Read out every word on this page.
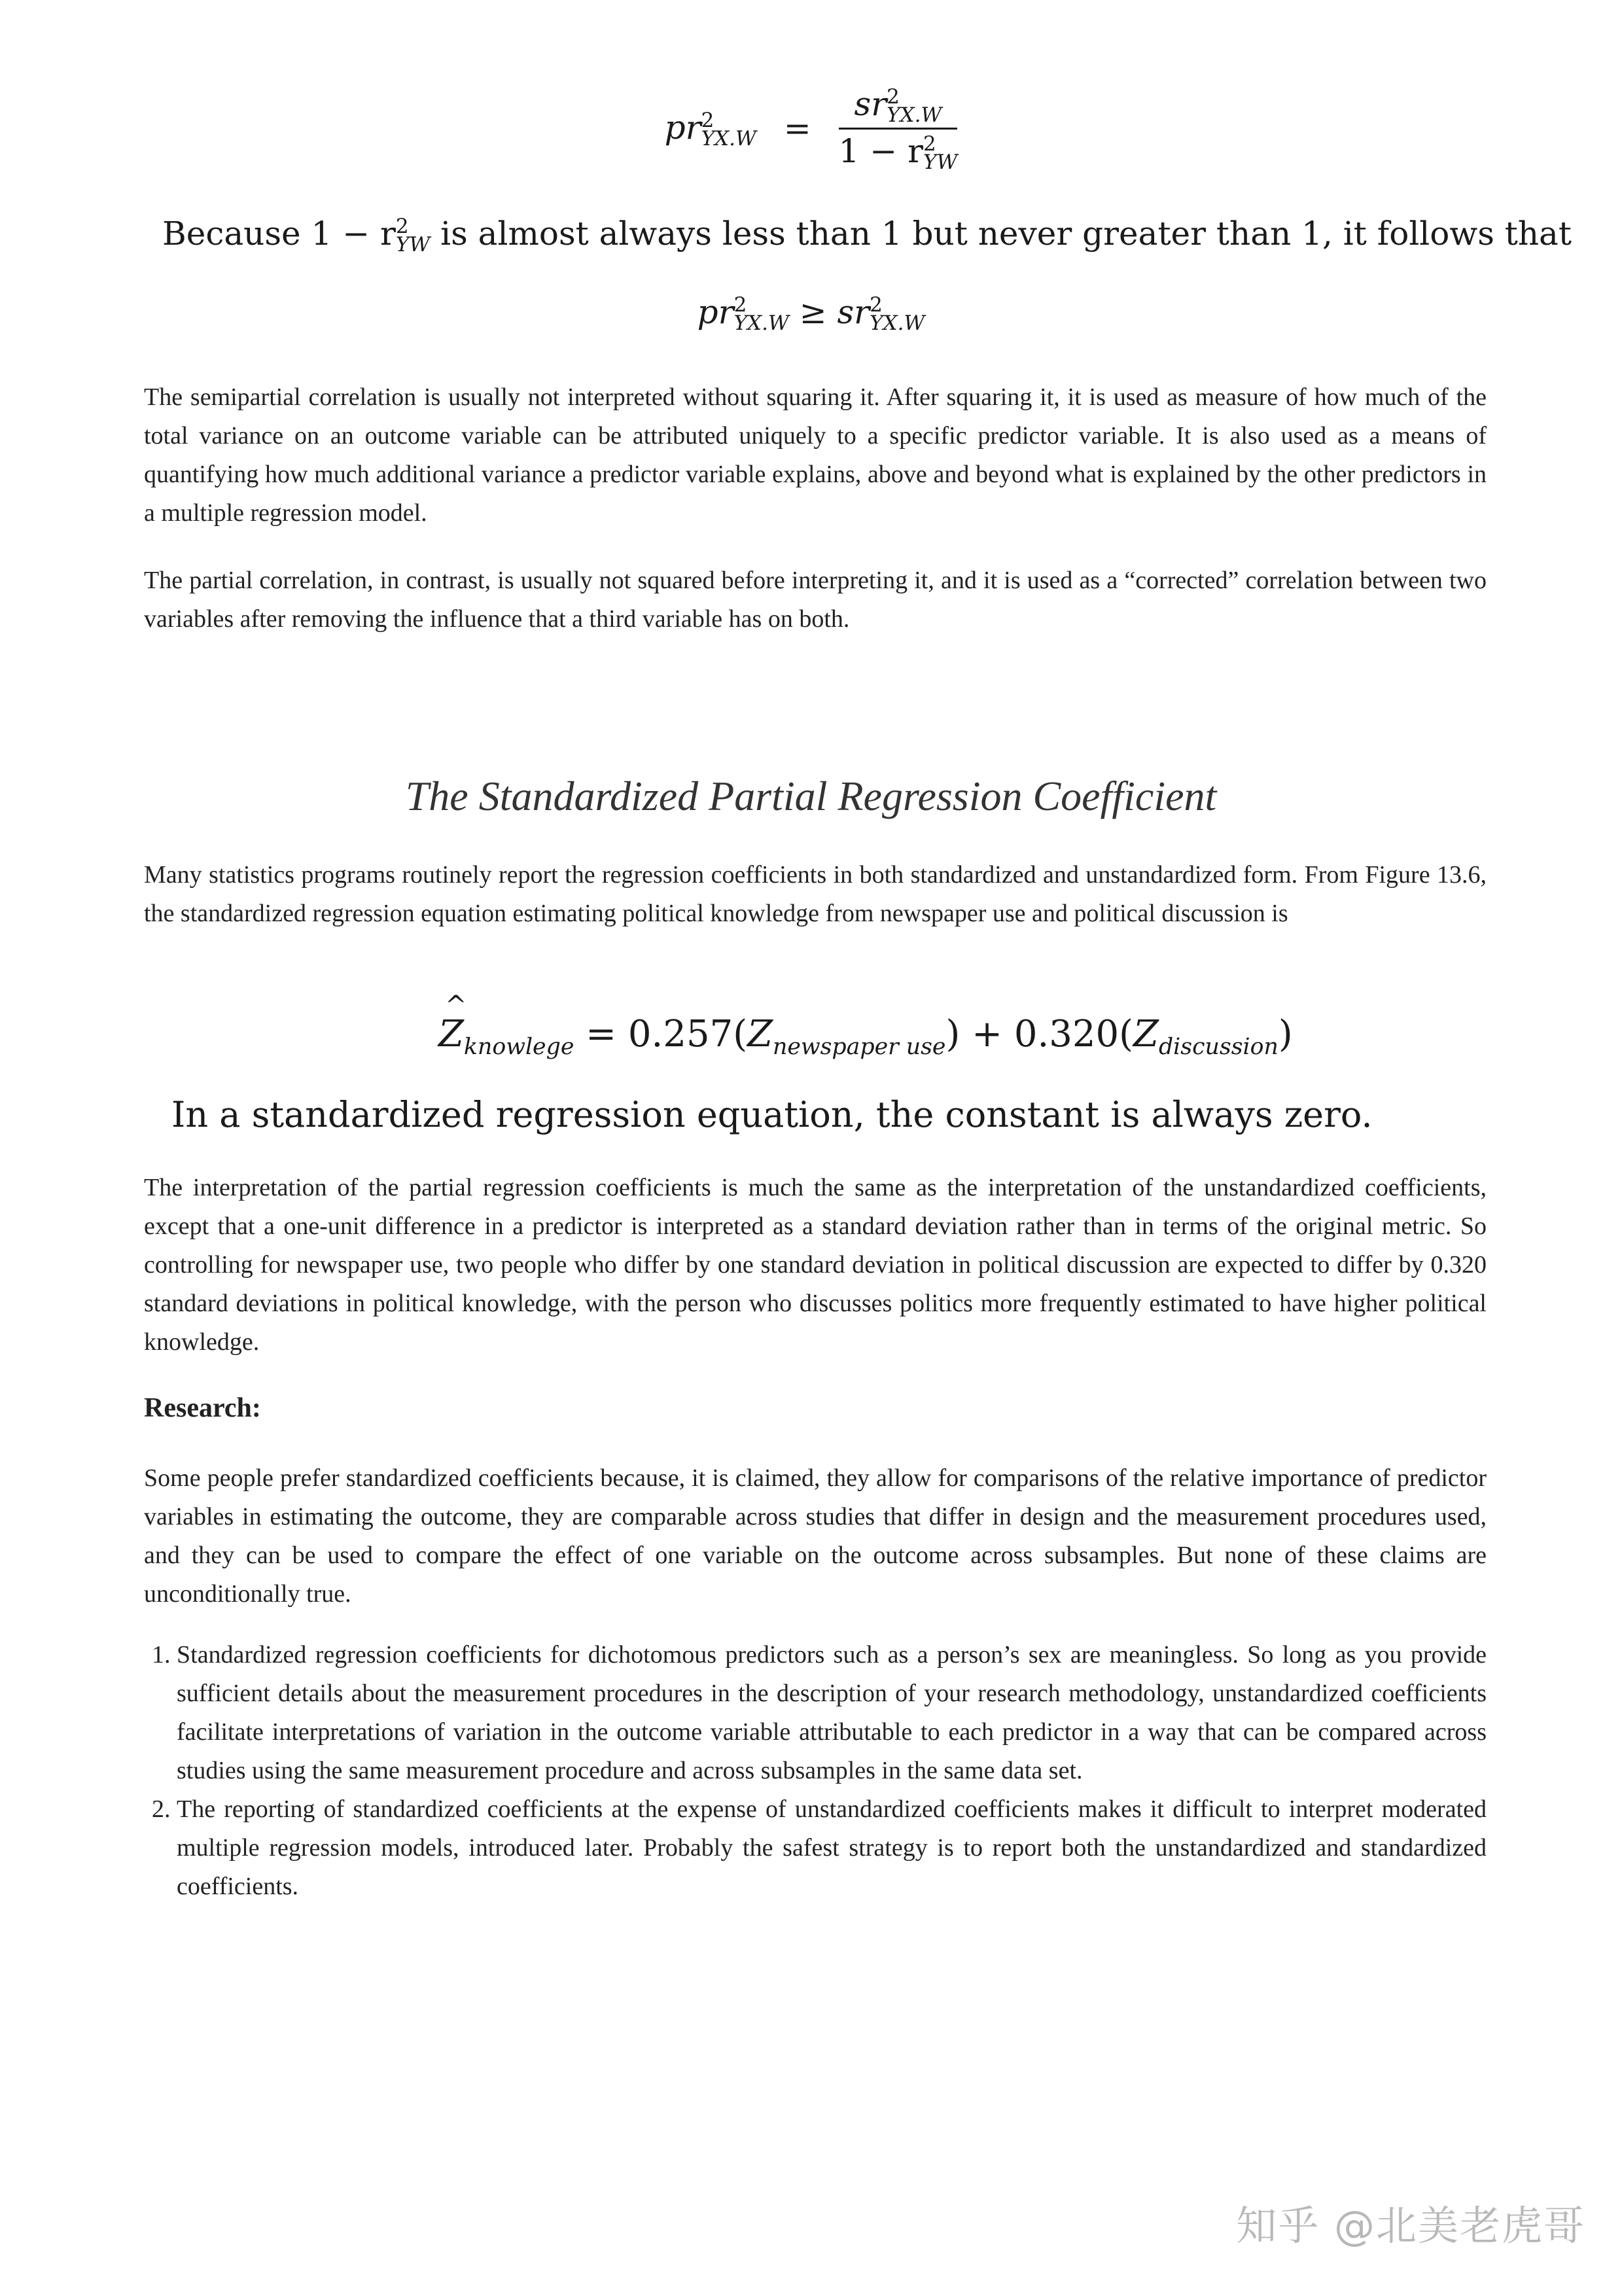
pr 2
YX.W = sr 2
YX.W
1 − r 2
YW
Because 1 − r 2
YW is almost always less than 1 but never greater than 1, it follows that
pr 2
YX.W ≥ sr 2
YX.W

The semipartial correlation is usually not interpreted without squaring it. After squaring it, it is used as measure of how much of the total variance on an outcome variable can be attributed uniquely to a specific predictor variable. It is also used as a means of quantifying how much additional variance a predictor variable explains, above and beyond what is explained by the other predictors in a multiple regression model.

The partial correlation, in contrast, is usually not squared before interpreting it, and it is used as a “corrected” correlation between two variables after removing the influence that a third variable has on both.

The Standardized Partial Regression Coefficient

Many statistics programs routinely report the regression coefficients in both standardized and unstandardized form. From Figure 13.6, the standardized regression equation estimating political knowledge from newspaper use and political discussion is

^ $Z_{knowlege} = 0.257(Z_{newspaper use}) + 0.320(Z_{discussion})$
In a standardized regression equation, the constant is always zero.

The interpretation of the partial regression coefficients is much the same as the interpretation of the unstandardized coefficients, except that a one-unit difference in a predictor is interpreted as a standard deviation rather than in terms of the original metric. So controlling for newspaper use, two people who differ by one standard deviation in political discussion are expected to differ by 0.320 standard deviations in political knowledge, with the person who discusses politics more frequently estimated to have higher political knowledge.

Research:

Some people prefer standardized coefficients because, it is claimed, they allow for comparisons of the relative importance of predictor variables in estimating the outcome, they are comparable across studies that differ in design and the measurement procedures used, and they can be used to compare the effect of one variable on the outcome across subsamples. But none of these claims are unconditionally true.

1. Standardized regression coefficients for dichotomous predictors such as a person’s sex are meaningless. So long as you provide sufficient details about the measurement procedures in the description of your research methodology, unstandardized coefficients facilitate interpretations of variation in the outcome variable attributable to each predictor in a way that can be compared across studies using the same measurement procedure and across subsamples in the same data set.
2. The reporting of standardized coefficients at the expense of unstandardized coefficients makes it difficult to interpret moderated multiple regression models, introduced later. Probably the safest strategy is to report both the unstandardized and standardized coefficients.
知乎 @北美老虎哥
